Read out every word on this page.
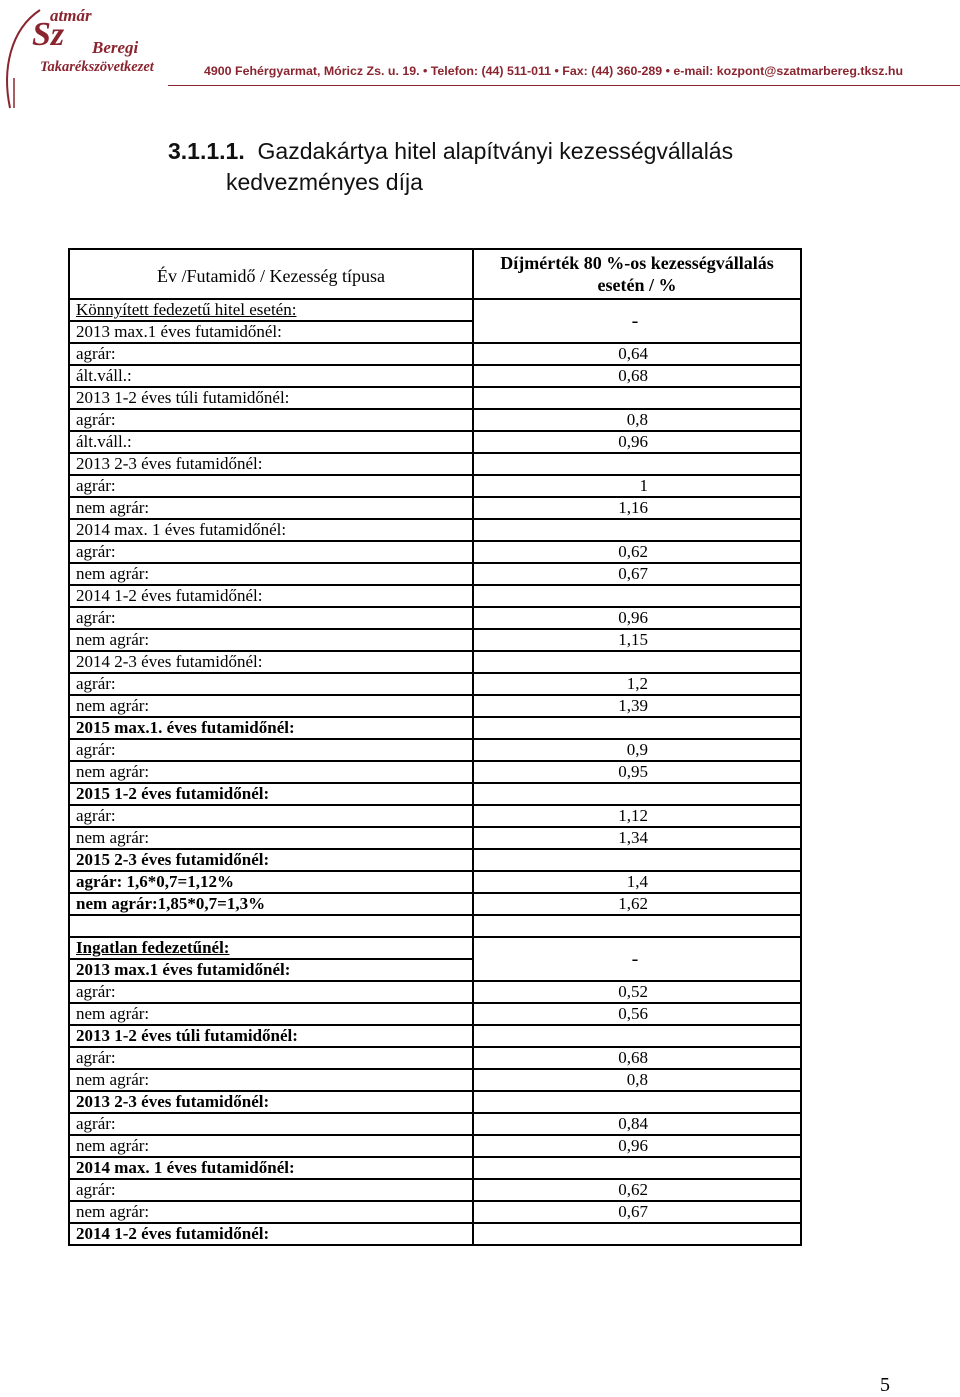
atmár
Sz Beregi
Takarékszövetkezet	4900 Fehérgyarmat, Móricz Zs. u. 19. • Telefon: (44) 511-011 • Fax: (44) 360-289 • e-mail: kozpont@szatmarbereg.tksz.hu
3.1.1.1. Gazdakártya hitel alapítványi kezességvállalás
kedvezményes díja
Év /Futamidő / Kezesség típusa	Díjmérték 80 %-os kezességvállalás esetén / %
Könnyített fedezetű hitel esetén:	-
2013 max.1 éves futamidőnél:	
agrár:	0,64
ált.váll.:	0,68
2013 1-2 éves túli futamidőnél:	
agrár:	0,8
ált.váll.:	0,96
2013 2-3 éves futamidőnél:	
agrár:	1
nem agrár:	1,16
2014 max. 1 éves futamidőnél:	
agrár:	0,62
nem agrár:	0,67
2014 1-2 éves futamidőnél:	
agrár:	0,96
nem agrár:	1,15
2014 2-3 éves futamidőnél:	
agrár:	1,2
nem agrár:	1,39
2015 max.1. éves futamidőnél:	
agrár:	0,9
nem agrár:	0,95
2015 1-2 éves futamidőnél:	
agrár:	1,12
nem agrár:	1,34
2015 2-3 éves futamidőnél:	
agrár: 1,6*0,7=1,12%	1,4
nem agrár:1,85*0,7=1,3%	1,62

Ingatlan fedezetűnél:	-
2013 max.1 éves futamidőnél:	
agrár:	0,52
nem agrár:	0,56
2013 1-2 éves túli futamidőnél:	
agrár:	0,68
nem agrár:	0,8
2013 2-3 éves futamidőnél:	
agrár:	0,84
nem agrár:	0,96
2014 max. 1 éves futamidőnél:	
agrár:	0,62
nem agrár:	0,67
2014 1-2 éves futamidőnél:	
5
